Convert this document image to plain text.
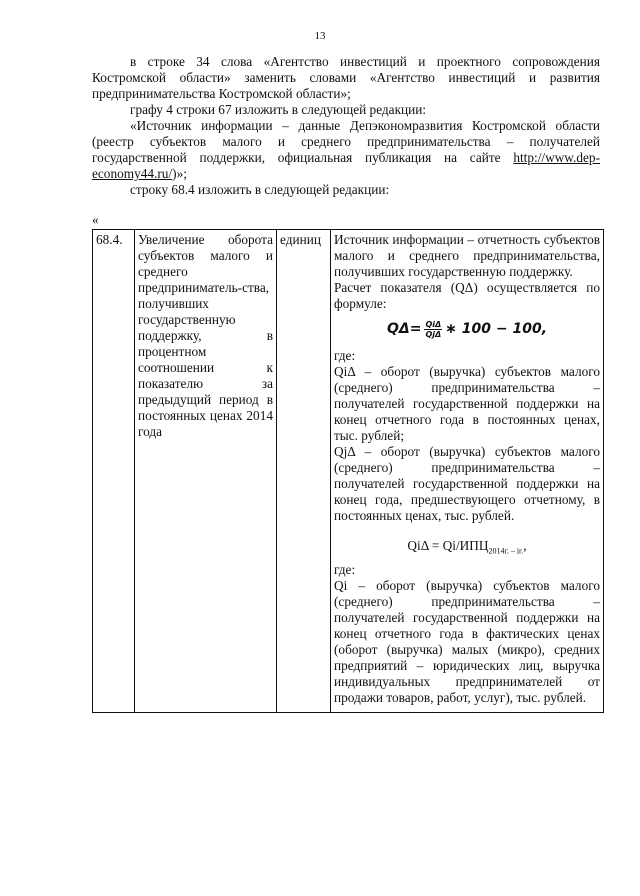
13

в строке 34 слова «Агентство инвестиций и проектного сопровождения Костромской области» заменить словами «Агентство инвестиций и развития предпринимательства Костромской области»;

графу 4 строки 67 изложить в следующей редакции:

«Источник информации – данные Депэкономразвития Костромской области (реестр субъектов малого и среднего предпринимательства – получателей государственной поддержки, официальная публикация на сайте http://www.dep-economy44.ru/)»;

строку 68.4 изложить в следующей редакции:

«
68.4.	Увеличение оборота субъектов малого и среднего предприниматель-ства, получивших государственную поддержку, в процентном соотношении к показателю за предыдущий период в постоянных ценах 2014 года	единиц	Источник информации – отчетность субъектов малого и среднего предпринимательства, получивших государственную поддержку.
Расчет показателя (QΔ) осуществляется по формуле:
$Q\Delta= \frac{\text{QiΔ}}{\text{QjΔ}}$ ∗ 100 − 100,
где:
QiΔ – оборот (выручка) субъектов малого (среднего) предпринимательства – получателей государственной поддержки на конец отчетного года в постоянных ценах, тыс. рублей;
QjΔ – оборот (выручка) субъектов малого (среднего) предпринимательства – получателей государственной поддержки на конец года, предшествующего отчетному, в постоянных ценах, тыс. рублей.
$Qi\Delta = Qi/ИПЦ_{2014г. - ir.}$,
где:
Qi – оборот (выручка) субъектов малого (среднего) предпринимательства – получателей государственной поддержки на конец отчетного года в фактических ценах (оборот (выручка) малых (микро), средних предприятий – юридических лиц, выручка индивидуальных предпринимателей от продажи товаров, работ, услуг), тыс. рублей.
